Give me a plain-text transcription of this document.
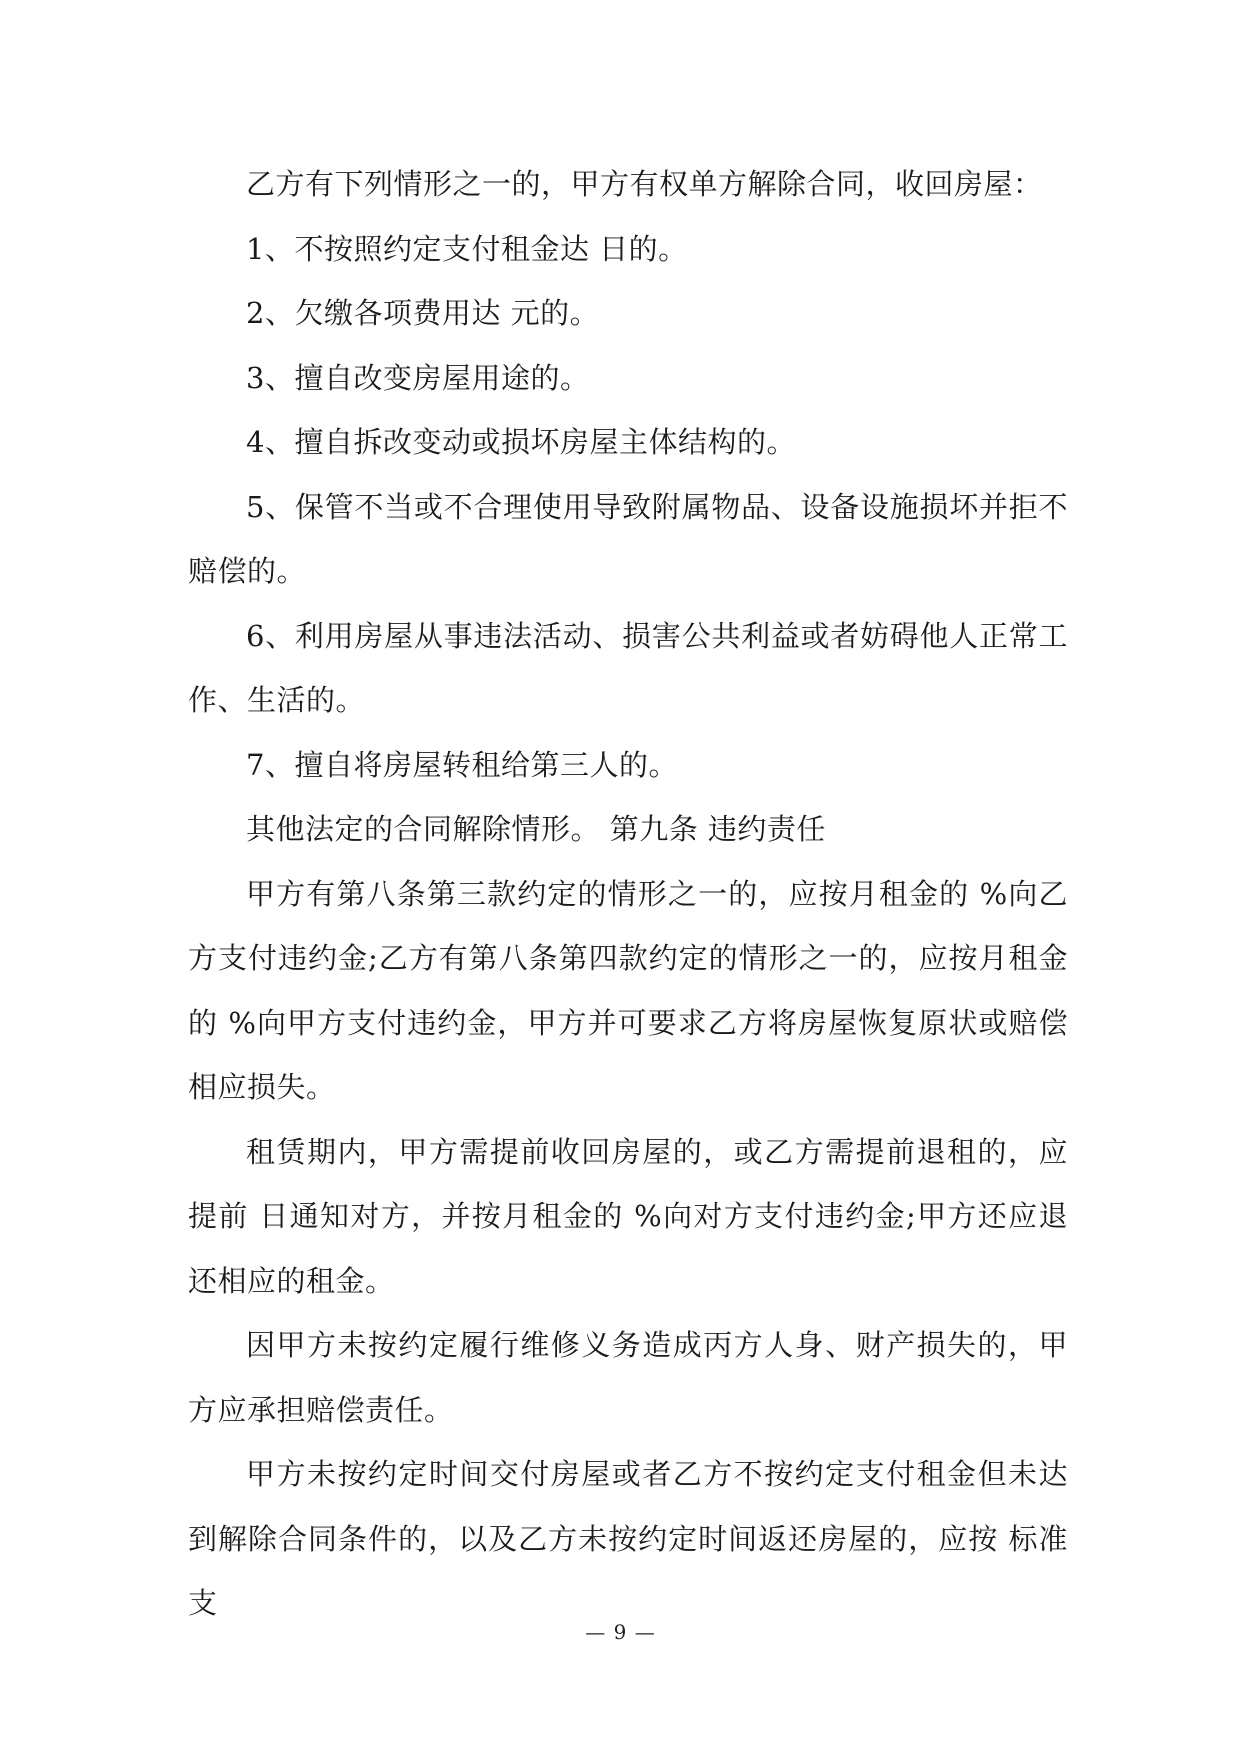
乙方有下列情形之一的，甲方有权单方解除合同，收回房屋：

1、不按照约定支付租金达 日的。

2、欠缴各项费用达 元的。

3、擅自改变房屋用途的。

4、擅自拆改变动或损坏房屋主体结构的。

5、保管不当或不合理使用导致附属物品、设备设施损坏并拒不赔偿的。

6、利用房屋从事违法活动、损害公共利益或者妨碍他人正常工作、生活的。

7、擅自将房屋转租给第三人的。

其他法定的合同解除情形。 第九条 违约责任

甲方有第八条第三款约定的情形之一的，应按月租金的 %向乙方支付违约金;乙方有第八条第四款约定的情形之一的，应按月租金的 %向甲方支付违约金，甲方并可要求乙方将房屋恢复原状或赔偿相应损失。

租赁期内，甲方需提前收回房屋的，或乙方需提前退租的，应提前 日通知对方，并按月租金的 %向对方支付违约金;甲方还应退还相应的租金。

因甲方未按约定履行维修义务造成丙方人身、财产损失的，甲方应承担赔偿责任。

甲方未按约定时间交付房屋或者乙方不按约定支付租金但未达到解除合同条件的，以及乙方未按约定时间返还房屋的，应按 标准支

— 9 —
